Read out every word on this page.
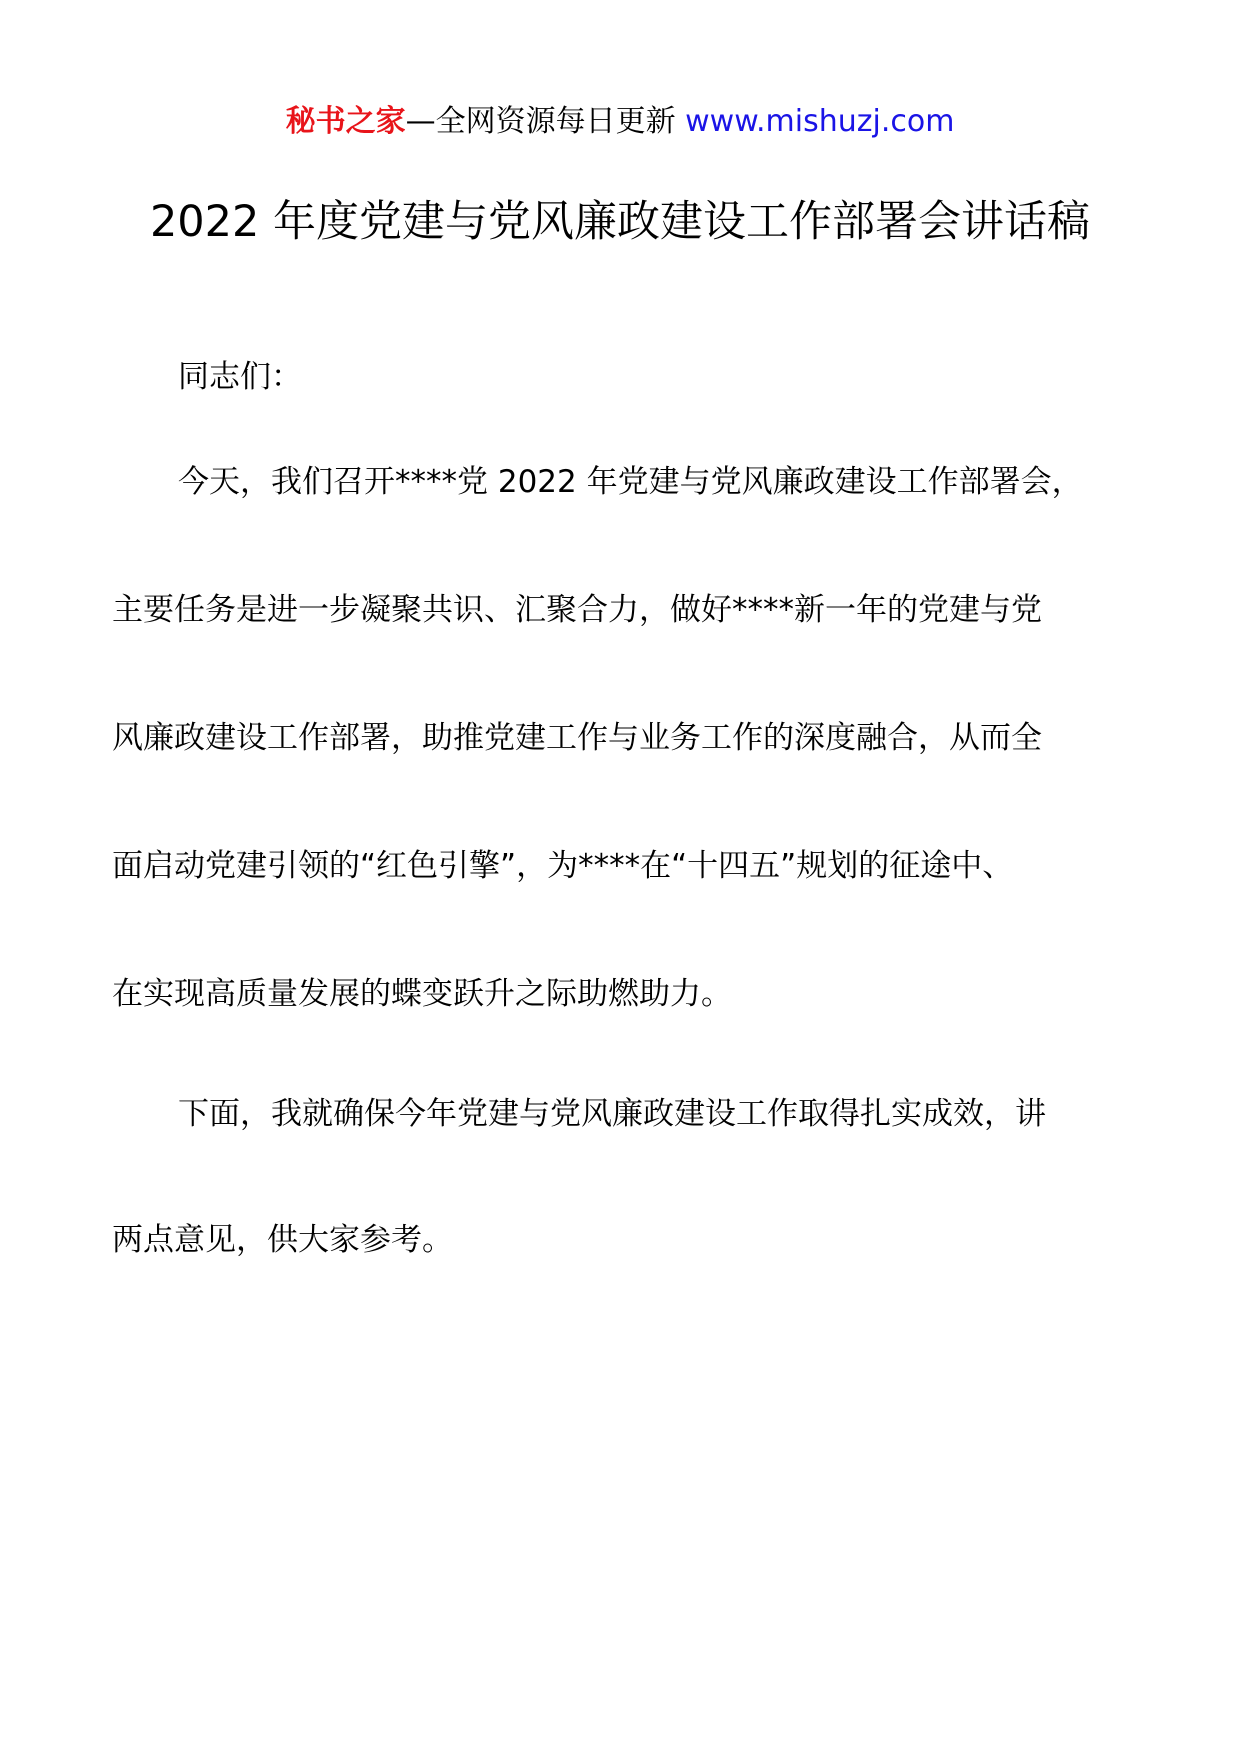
秘书之家—全网资源每日更新 www.mishuzj.com
2022 年度党建与党风廉政建设工作部署会讲话稿
同志们：
今天，我们召开****党 2022 年党建与党风廉政建设工作部署会，
主要任务是进一步凝聚共识、汇聚合力，做好****新一年的党建与党
风廉政建设工作部署，助推党建工作与业务工作的深度融合，从而全
面启动党建引领的“红色引擎”，为****在“十四五”规划的征途中、
在实现高质量发展的蝶变跃升之际助燃助力。
下面，我就确保今年党建与党风廉政建设工作取得扎实成效，讲
两点意见，供大家参考。
